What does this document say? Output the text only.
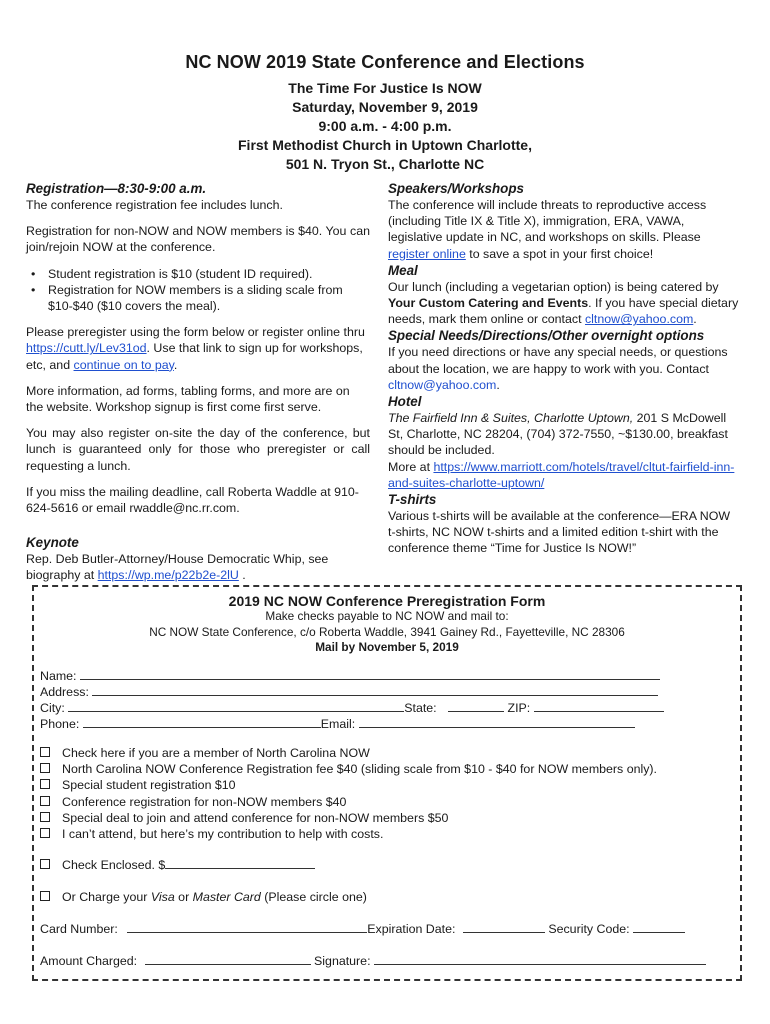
NC NOW 2019 State Conference and Elections

The Time For Justice Is NOW

Saturday, November 9, 2019

9:00 a.m. - 4:00 p.m.

First Methodist Church in Uptown Charlotte,

501 N. Tryon St., Charlotte NC

Registration—8:30-9:00 a.m.

The conference registration fee includes lunch.

Registration for non-NOW and NOW members is $40. You can join/rejoin NOW at the conference.

• Student registration is $10 (student ID required).
• Registration for NOW members is a sliding scale from $10-$40 ($10 covers the meal).

Please preregister using the form below or register online thru https://cutt.ly/Lev31od. Use that link to sign up for workshops, etc, and continue on to pay.

More information, ad forms, tabling forms, and more are on the website. Workshop signup is first come first serve.

You may also register on-site the day of the conference, but lunch is guaranteed only for those who preregister or call requesting a lunch.

If you miss the mailing deadline, call Roberta Waddle at 910-624-5616 or email rwaddle@nc.rr.com.

Keynote

Rep. Deb Butler-Attorney/House Democratic Whip, see biography at https://wp.me/p22b2e-2lU .

Speakers/Workshops

The conference will include threats to reproductive access (including Title IX & Title X), immigration, ERA, VAWA, legislative update in NC, and workshops on skills. Please register online to save a spot in your first choice!

Meal

Our lunch (including a vegetarian option) is being catered by Your Custom Catering and Events. If you have special dietary needs, mark them online or contact cltnow@yahoo.com.

Special Needs/Directions/Other overnight options

If you need directions or have any special needs, or questions about the location, we are happy to work with you. Contact cltnow@yahoo.com.

Hotel

The Fairfield Inn & Suites, Charlotte Uptown, 201 S McDowell St, Charlotte, NC 28204, (704) 372-7550, ~$130.00, breakfast should be included.

More at https://www.marriott.com/hotels/travel/cltut-fairfield-inn-and-suites-charlotte-uptown/

T-shirts

Various t-shirts will be available at the conference—ERA NOW t-shirts, NC NOW t-shirts and a limited edition t-shirt with the conference theme “Time for Justice Is NOW!”

2019 NC NOW Conference Preregistration Form
Make checks payable to NC NOW and mail to:
NC NOW State Conference, c/o Roberta Waddle, 3941 Gainey Rd., Fayetteville, NC 28306
Mail by November 5, 2019
Name:
Address:
City:	State:	ZIP:
Phone:	Email:
Check here if you are a member of North Carolina NOW
North Carolina NOW Conference Registration fee $40 (sliding scale from $10 - $40 for NOW members only).
Special student registration $10
Conference registration for non-NOW members $40
Special deal to join and attend conference for non-NOW members $50
I can’t attend, but here’s my contribution to help with costs.
Check Enclosed. $
Or Charge your Visa or Master Card (Please circle one)
Card Number:	Expiration Date:	Security Code:
Amount Charged:	Signature:
